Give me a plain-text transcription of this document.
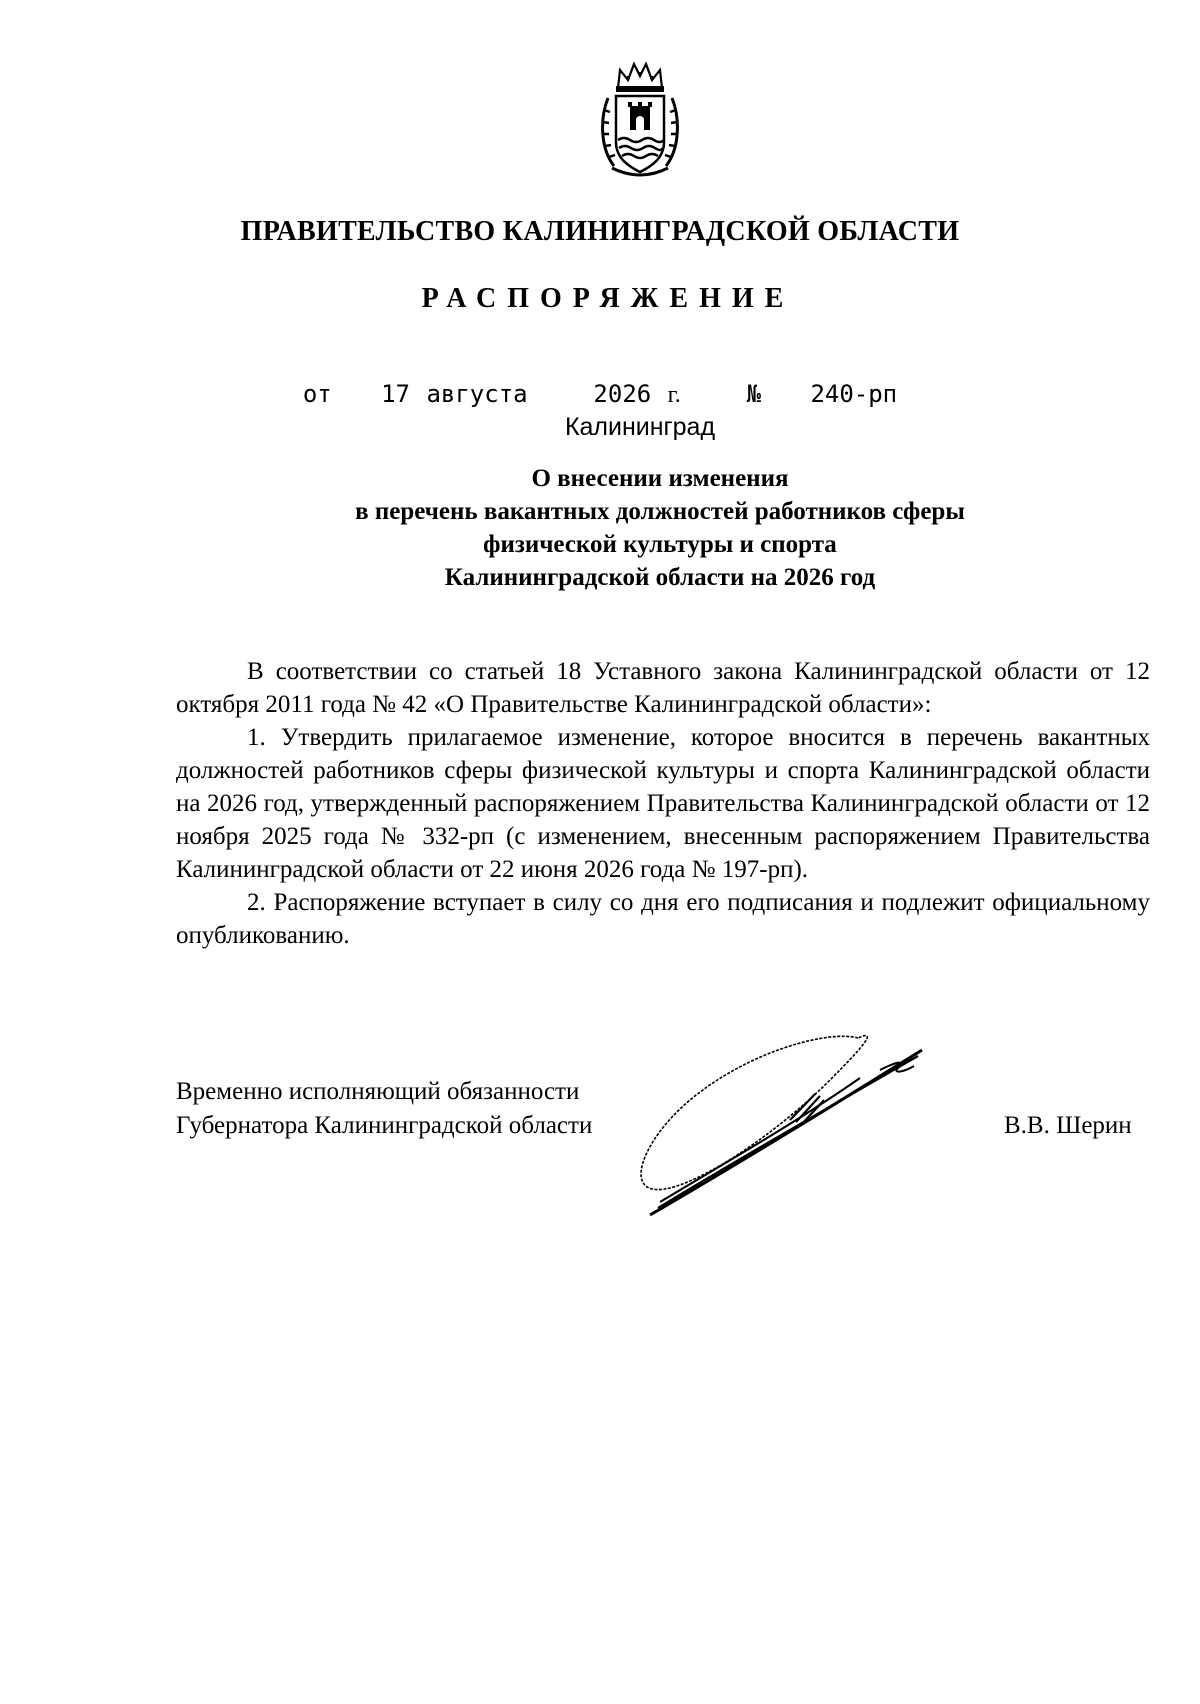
ПРАВИТЕЛЬСТВО КАЛИНИНГРАДСКОЙ ОБЛАСТИ
РАСПОРЯЖЕНИЕ
от 17 августа	2026 г.	№ 240-рп
Калининград
О внесении изменения
в перечень вакантных должностей работников сферы
физической культуры и спорта
Калининградской области на 2026 год
В соответствии со статьей 18 Уставного закона Калининградской области от 12 октября 2011 года № 42 «О Правительстве Калининградской области»:
1. Утвердить прилагаемое изменение, которое вносится в перечень вакантных должностей работников сферы физической культуры и спорта Калининградской области на 2026 год, утвержденный распоряжением Правительства Калининградской области от 12 ноября 2025 года № 332-рп (с изменением, внесенным распоряжением Правительства Калининградской области от 22 июня 2026 года № 197-рп).
2. Распоряжение вступает в силу со дня его подписания и подлежит официальному опубликованию.
Временно исполняющий обязанности
Губернатора Калининградской области	В.В. Шерин
